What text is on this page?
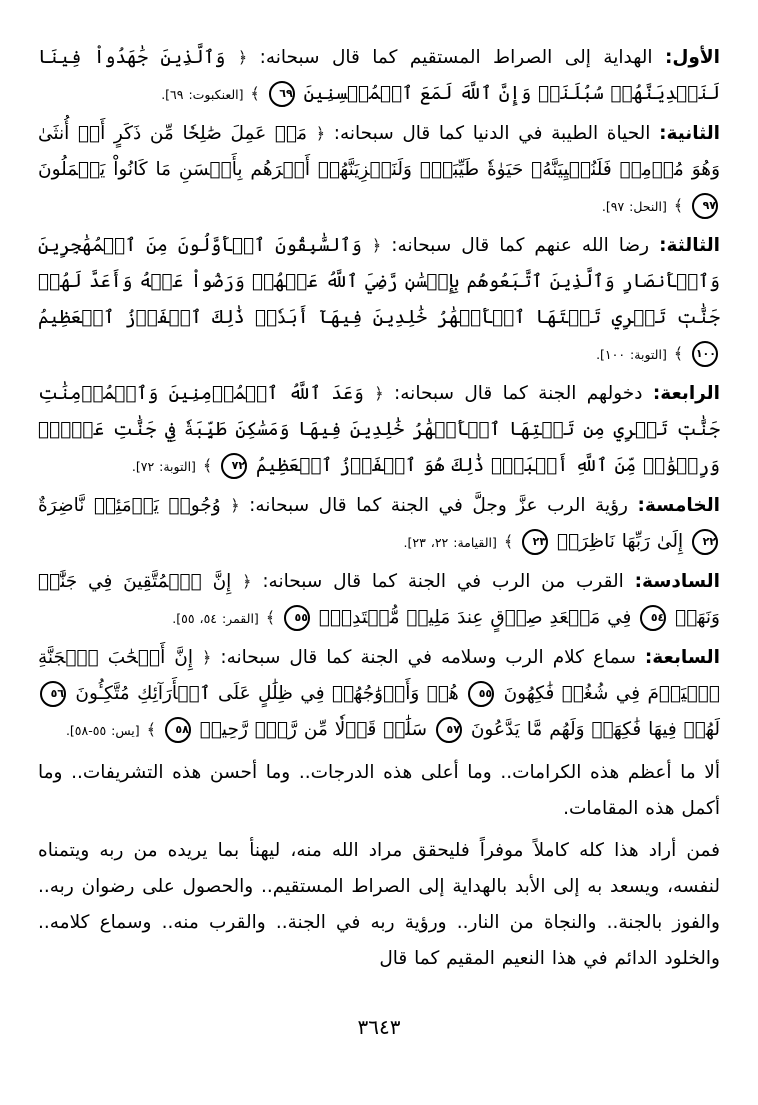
الأول: الهداية إلى الصراط المستقيم كما قال سبحانه: ﴿ وَٱلَّذِينَ جَٰهَدُواْ فِينَا لَنَهۡدِيَنَّهُمۡ سُبُلَنَاۚ وَإِنَّ ٱللَّهَ لَمَعَ ٱلۡمُحۡسِنِينَ ٦٩ ﴾ [العنكبوت: ٦٩].

الثانية: الحياة الطيبة في الدنيا كما قال سبحانه: ﴿ مَنۡ عَمِلَ صَٰلِحٗا مِّن ذَكَرٍ أَوۡ أُنثَىٰ وَهُوَ مُؤۡمِنٞ فَلَنُحۡيِيَنَّهُۥ حَيَوٰةٗ طَيِّبَةٗۖ وَلَنَجۡزِيَنَّهُمۡ أَجۡرَهُم بِأَحۡسَنِ مَا كَانُواْ يَعۡمَلُونَ ٩٧ ﴾ [النحل: ٩٧].

الثالثة: رضا الله عنهم كما قال سبحانه: ﴿ وَٱلسَّٰبِقُونَ ٱلۡأَوَّلُونَ مِنَ ٱلۡمُهَٰجِرِينَ وَٱلۡأَنصَارِ وَٱلَّذِينَ ٱتَّبَعُوهُم بِإِحۡسَٰنٖ رَّضِيَ ٱللَّهُ عَنۡهُمۡ وَرَضُواْ عَنۡهُ وَأَعَدَّ لَهُمۡ جَنَّٰتٖ تَجۡرِي تَحۡتَهَا ٱلۡأَنۡهَٰرُ خَٰلِدِينَ فِيهَآ أَبَدٗاۚ ذَٰلِكَ ٱلۡفَوۡزُ ٱلۡعَظِيمُ ١٠٠ ﴾ [التوبة: ١٠٠].

الرابعة: دخولهم الجنة كما قال سبحانه: ﴿ وَعَدَ ٱللَّهُ ٱلۡمُؤۡمِنِينَ وَٱلۡمُؤۡمِنَٰتِ جَنَّٰتٖ تَجۡرِي مِن تَحۡتِهَا ٱلۡأَنۡهَٰرُ خَٰلِدِينَ فِيهَا وَمَسَٰكِنَ طَيِّبَةٗ فِي جَنَّٰتِ عَدۡنٖۚ وَرِضۡوَٰنٞ مِّنَ ٱللَّهِ أَكۡبَرُۚ ذَٰلِكَ هُوَ ٱلۡفَوۡزُ ٱلۡعَظِيمُ ٧٢ ﴾ [التوبة: ٧٢].

الخامسة: رؤية الرب عزَّ وجلَّ في الجنة كما قال سبحانه: ﴿ وُجُوهٞ يَوۡمَئِذٖ نَّاضِرَةٌ ٢٢ إِلَىٰ رَبِّهَا نَاظِرَةٞ ٢٣ ﴾ [القيامة: ٢٢، ٢٣].

السادسة: القرب من الرب في الجنة كما قال سبحانه: ﴿ إِنَّ ٱلۡمُتَّقِينَ فِي جَنَّٰتٖ وَنَهَرٖ ٥٤ فِي مَقۡعَدِ صِدۡقٍ عِندَ مَلِيكٖ مُّقۡتَدِرِۭ ٥٥ ﴾ [القمر: ٥٤، ٥٥].

السابعة: سماع كلام الرب وسلامه في الجنة كما قال سبحانه: ﴿ إِنَّ أَصۡحَٰبَ ٱلۡجَنَّةِ ٱلۡيَوۡمَ فِي شُغُلٖ فَٰكِهُونَ ٥٥ هُمۡ وَأَزۡوَٰجُهُمۡ فِي ظِلَٰلٍ عَلَى ٱلۡأَرَآئِكِ مُتَّكِـُٔونَ ٥٦ لَهُمۡ فِيهَا فَٰكِهَةٞ وَلَهُم مَّا يَدَّعُونَ ٥٧ سَلَٰمٞ قَوۡلٗا مِّن رَّبّٖ رَّحِيمٖ ٥٨ ﴾ [يس: ٥٥-٥٨].

ألا ما أعظم هذه الكرامات.. وما أعلى هذه الدرجات.. وما أحسن هذه التشريفات.. وما أكمل هذه المقامات.

فمن أراد هذا كله كاملاً موفراً فليحقق مراد الله منه، ليهنأ بما يريده من ربه ويتمناه لنفسه، ويسعد به إلى الأبد بالهداية إلى الصراط المستقيم.. والحصول على رضوان ربه.. والفوز بالجنة.. والنجاة من النار.. ورؤية ربه في الجنة.. والقرب منه.. وسماع كلامه.. والخلود الدائم في هذا النعيم المقيم كما قال

٣٦٤٣
